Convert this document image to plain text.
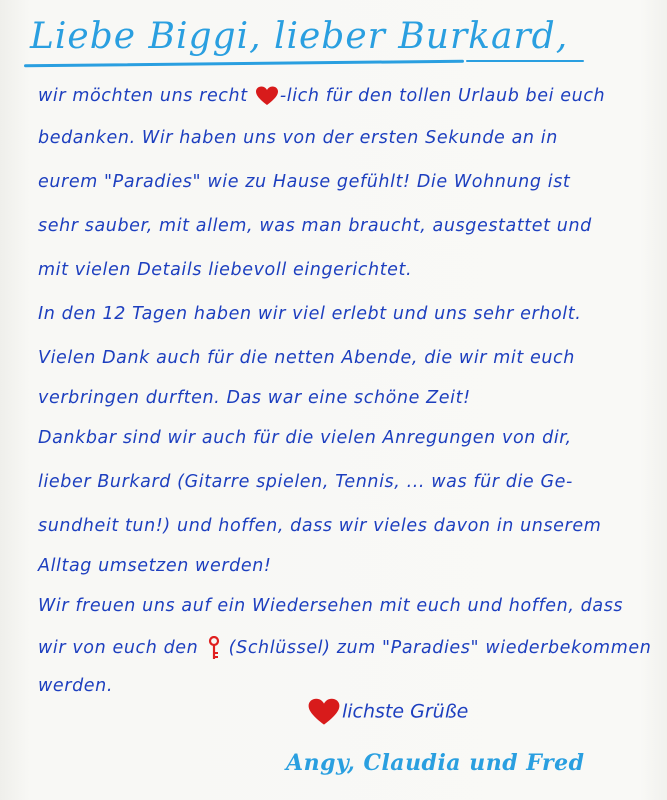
Liebe Biggi, lieber Burkard,
wir möchten uns recht -lich für den tollen Urlaub bei euch
bedanken. Wir haben uns von der ersten Sekunde an in
eurem "Paradies" wie zu Hause gefühlt! Die Wohnung ist
sehr sauber, mit allem, was man braucht, ausgestattet und
mit vielen Details liebevoll eingerichtet.
In den 12 Tagen haben wir viel erlebt und uns sehr erholt.
Vielen Dank auch für die netten Abende, die wir mit euch
verbringen durften. Das war eine schöne Zeit!
Dankbar sind wir auch für die vielen Anregungen von dir,
lieber Burkard (Gitarre spielen, Tennis, ... was für die Ge-
sundheit tun!) und hoffen, dass wir vieles davon in unserem
Alltag umsetzen werden!
Wir freuen uns auf ein Wiedersehen mit euch und hoffen, dass
wir von euch den  (Schlüssel) zum "Paradies" wiederbekommen
werden.
lichste Grüße
Angy, Claudia und Fred
